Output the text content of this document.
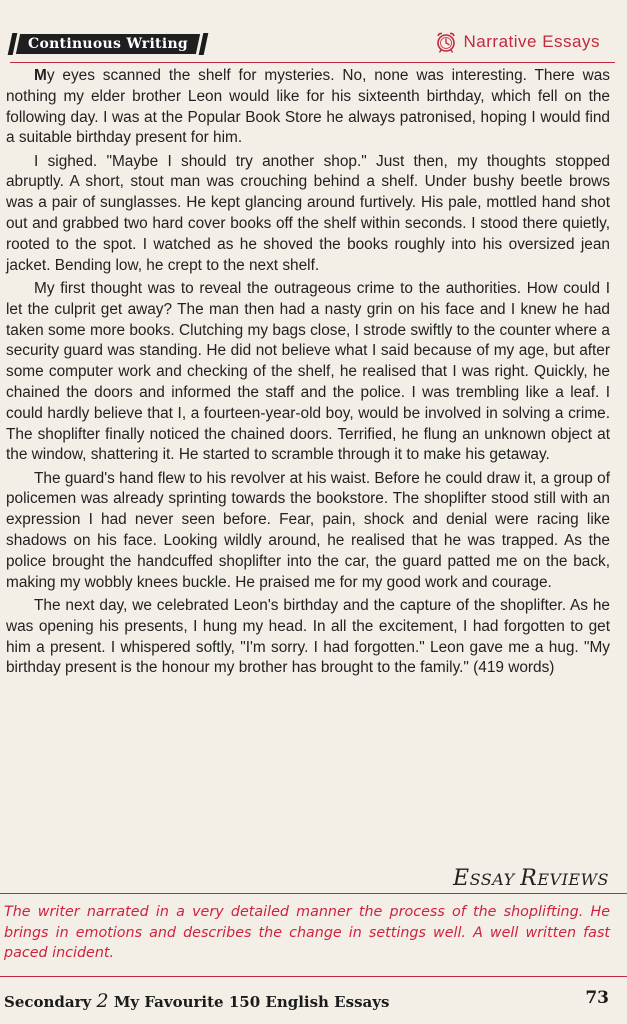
Continuous Writing	Narrative Essays

My eyes scanned the shelf for mysteries. No, none was interesting. There was nothing my elder brother Leon would like for his sixteenth birthday, which fell on the following day. I was at the Popular Book Store he always patronised, hoping I would find a suitable birthday present for him.

I sighed. "Maybe I should try another shop." Just then, my thoughts stopped abruptly. A short, stout man was crouching behind a shelf. Under bushy beetle brows was a pair of sunglasses. He kept glancing around furtively. His pale, mottled hand shot out and grabbed two hard cover books off the shelf within seconds. I stood there quietly, rooted to the spot. I watched as he shoved the books roughly into his oversized jean jacket. Bending low, he crept to the next shelf.

My first thought was to reveal the outrageous crime to the authorities. How could I let the culprit get away? The man then had a nasty grin on his face and I knew he had taken some more books. Clutching my bags close, I strode swiftly to the counter where a security guard was standing. He did not believe what I said because of my age, but after some computer work and checking of the shelf, he realised that I was right. Quickly, he chained the doors and informed the staff and the police. I was trembling like a leaf. I could hardly believe that I, a fourteen-year-old boy, would be involved in solving a crime. The shoplifter finally noticed the chained doors. Terrified, he flung an unknown object at the window, shattering it. He started to scramble through it to make his getaway.

The guard's hand flew to his revolver at his waist. Before he could draw it, a group of policemen was already sprinting towards the bookstore. The shoplifter stood still with an expression I had never seen before. Fear, pain, shock and denial were racing like shadows on his face. Looking wildly around, he realised that he was trapped. As the police brought the handcuffed shoplifter into the car, the guard patted me on the back, making my wobbly knees buckle. He praised me for my good work and courage.

The next day, we celebrated Leon's birthday and the capture of the shoplifter. As he was opening his presents, I hung my head. In all the excitement, I had forgotten to get him a present. I whispered softly, "I'm sorry. I had forgotten." Leon gave me a hug. "My birthday present is the honour my brother has brought to the family." (419 words)

ESSAY REVIEWS
The writer narrated in a very detailed manner the process of the shoplifting. He brings in emotions and describes the change in settings well. A well written fast paced incident.
Secondary 2 My Favourite 150 English Essays	73
